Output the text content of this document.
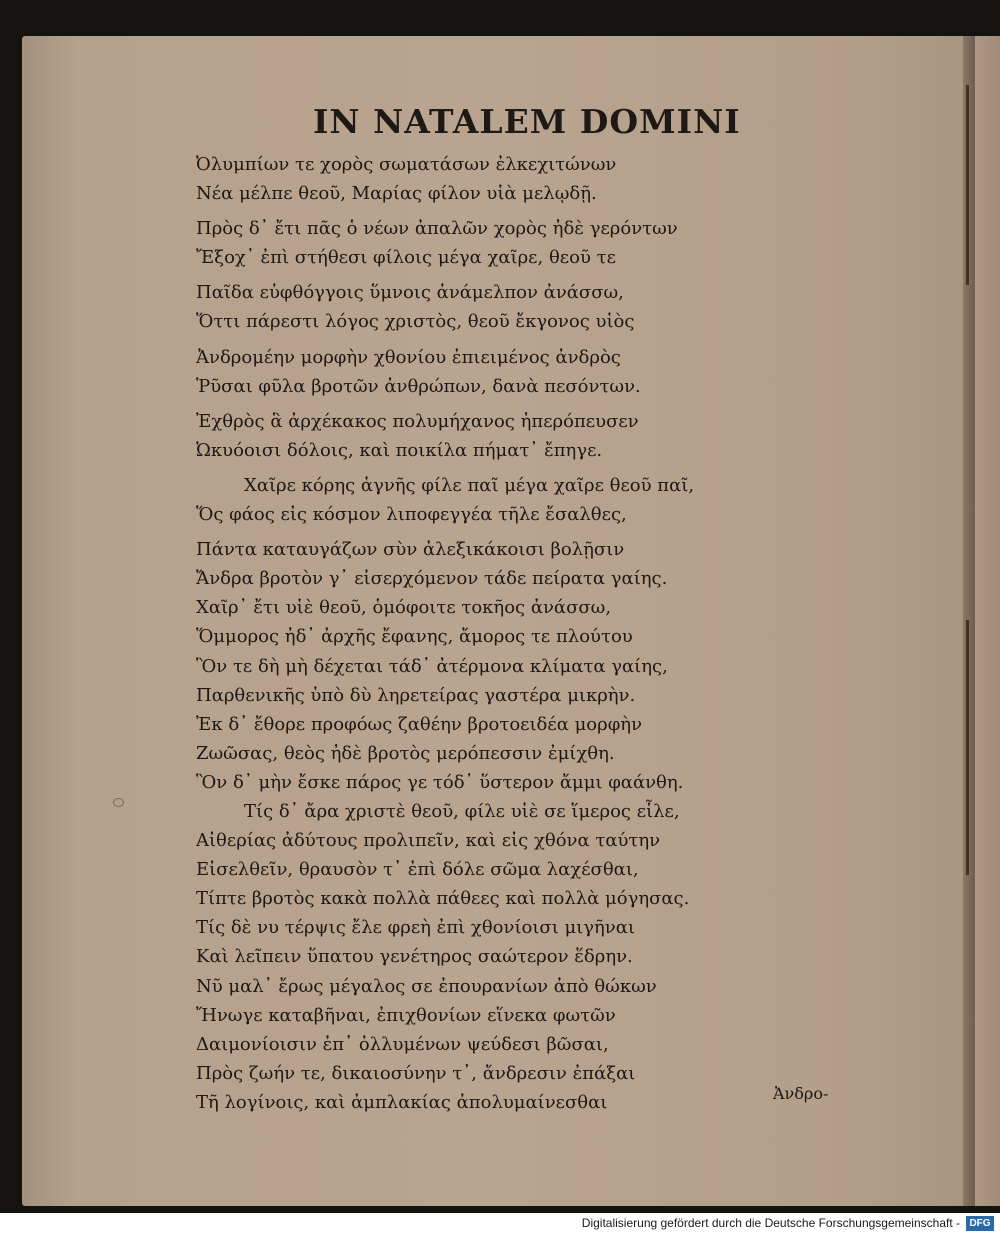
IN NATALEM DOMINI
Ὀλυμπίων τε χορὸς σωματάσων ἐλκεχιτώνων
Νέα μέλπε θεοῦ, Μαρίας φίλον υἱὰ μελῳδῇ.
Πρὸς δ᾽ ἔτι πᾶς ὁ νέων ἀπαλῶν χορὸς ἠδὲ γερόντων
Ἔξοχ᾽ ἐπὶ στήθεσι φίλοις μέγα χαῖρε, θεοῦ τε
Παῖδα εὐφθόγγοις ὕμνοις ἀνάμελπον ἀνάσσω,
Ὅττι πάρεστι λόγος χριστὸς, θεοῦ ἔκγονος υἱὸς
Ἀνδρομέην μορφὴν χθονίου ἐπιειμένος ἀνδρὸς
Ῥῦσαι φῦλα βροτῶν ἀνθρώπων, δανὰ πεσόντων.
Ἐχθρὸς ἃ ἀρχέκακος πολυμήχανος ἠπερόπευσεν
Ὠκυόοισι δόλοις, καὶ ποικίλα πήματ᾽ ἔπηγε.
Χαῖρε κόρης ἁγνῆς φίλε παῖ μέγα χαῖρε θεοῦ παῖ,
Ὅς φάος εἰς κόσμον λιποφεγγέα τῆλε ἔσαλθες,
Πάντα καταυγάζων σὺν ἀλεξικάκοισι βολῇσιν
Ἄνδρα βροτὸν γ᾽ εἰσερχόμενον τάδε πείρατα γαίης.
Χαῖρ᾽ ἔτι υἱὲ θεοῦ, ὁμόφοιτε τοκῆος ἀνάσσω,
Ὅμμορος ἠδ᾽ ἀρχῆς ἔφανης, ἄμορος τε πλούτου
Ὃν τε δὴ μὴ δέχεται τάδ᾽ ἀτέρμονα κλίματα γαίης,
Παρθενικῆς ὑπὸ δὺ ληρετείρας γαστέρα μικρὴν.
Ἐκ δ᾽ ἔθορε προφόως ζαθέην βροτοειδέα μορφὴν
Ζωῶσας, θεὸς ἠδὲ βροτὸς μερόπεσσιν ἐμίχθη.
Ὃν δ᾽ μὴν ἔσκε πάρος γε τόδ᾽ ὕστερον ἄμμι φαάνθη.
Τίς δ᾽ ἄρα χριστὲ θεοῦ, φίλε υἱὲ σε ἵμερος εἷλε,
Αἰθερίας ἀδύτους προλιπεῖν, καὶ εἰς χθόνα ταύτην
Εἰσελθεῖν, θραυσὸν τ᾽ ἐπὶ δόλε σῶμα λαχέσθαι,
Τίπτε βροτὸς κακὰ πολλὰ πάθεες καὶ πολλὰ μόγησας.
Τίς δὲ νυ τέρψις ἔλε φρεὴ ἐπὶ χθονίοισι μιγῆναι
Καὶ λεῖπειν ὕπατου γενέτηρος σαώτερον ἕδρην.
Νῦ μαλ᾽ ἔρως μέγαλος σε ἐπουρανίων ἀπὸ θώκων
Ἤνωγε καταβῆναι, ἐπιχθονίων εἵνεκα φωτῶν
Δαιμονίοισιν ἐπ᾽ ὀλλυμένων ψεύδεσι βῶσαι,
Πρὸς ζωήν τε, δικαιοσύνην τ᾽, ἄνδρεσιν ἐπάξαι
Τῆ λογίνοις, καὶ ἀμπλακίας ἀπολυμαίνεσθαι	Ἀνδρο-
Digitalisierung gefördert durch die Deutsche Forschungsgemeinschaft - DFG
